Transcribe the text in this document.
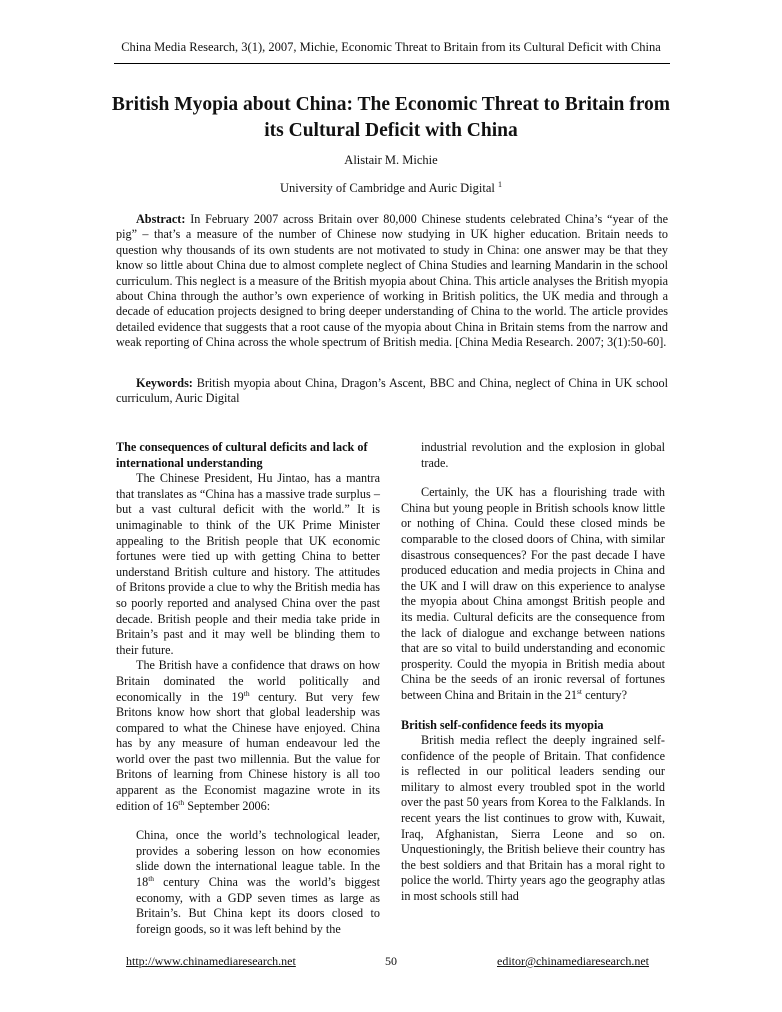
China Media Research, 3(1), 2007, Michie, Economic Threat to Britain from its Cultural Deficit with China
British Myopia about China: The Economic Threat to Britain from its Cultural Deficit with China
Alistair M. Michie
University of Cambridge and Auric Digital $^1$

Abstract: In February 2007 across Britain over 80,000 Chinese students celebrated China’s “year of the pig” – that’s a measure of the number of Chinese now studying in UK higher education. Britain needs to question why thousands of its own students are not motivated to study in China: one answer may be that they know so little about China due to almost complete neglect of China Studies and learning Mandarin in the school curriculum. This neglect is a measure of the British myopia about China. This article analyses the British myopia about China through the author’s own experience of working in British politics, the UK media and through a decade of education projects designed to bring deeper understanding of China to the world. The article provides detailed evidence that suggests that a root cause of the myopia about China in Britain stems from the narrow and weak reporting of China across the whole spectrum of British media. [China Media Research. 2007; 3(1):50-60].

Keywords: British myopia about China, Dragon’s Ascent, BBC and China, neglect of China in UK school curriculum, Auric Digital

The consequences of cultural deficits and lack of international understanding

The Chinese President, Hu Jintao, has a mantra that translates as “China has a massive trade surplus – but a vast cultural deficit with the world.” It is unimaginable to think of the UK Prime Minister appealing to the British people that UK economic fortunes were tied up with getting China to better understand British culture and history. The attitudes of Britons provide a clue to why the British media has so poorly reported and analysed China over the past decade. British people and their media take pride in Britain’s past and it may well be blinding them to their future.

The British have a confidence that draws on how Britain dominated the world politically and economically in the 19th century. But very few Britons know how short that global leadership was compared to what the Chinese have enjoyed. China has by any measure of human endeavour led the world over the past two millennia. But the value for Britons of learning from Chinese history is all too apparent as the Economist magazine wrote in its edition of 16th September 2006:

China, once the world’s technological leader, provides a sobering lesson on how economies slide down the international league table. In the 18th century China was the world’s biggest economy, with a GDP seven times as large as Britain’s. But China kept its doors closed to foreign goods, so it was left behind by the

industrial revolution and the explosion in global trade.

Certainly, the UK has a flourishing trade with China but young people in British schools know little or nothing of China. Could these closed minds be comparable to the closed doors of China, with similar disastrous consequences? For the past decade I have produced education and media projects in China and the UK and I will draw on this experience to analyse the myopia about China amongst British people and its media. Cultural deficits are the consequence from the lack of dialogue and exchange between nations that are so vital to build understanding and economic prosperity. Could the myopia in British media about China be the seeds of an ironic reversal of fortunes between China and Britain in the 21st century?

British self-confidence feeds its myopia

British media reflect the deeply ingrained self-confidence of the people of Britain. That confidence is reflected in our political leaders sending our military to almost every troubled spot in the world over the past 50 years from Korea to the Falklands. In recent years the list continues to grow with, Kuwait, Iraq, Afghanistan, Sierra Leone and so on. Unquestioningly, the British believe their country has the best soldiers and that Britain has a moral right to police the world. Thirty years ago the geography atlas in most schools still had

http://www.chinamediaresearch.net	50	editor@chinamediaresearch.net
